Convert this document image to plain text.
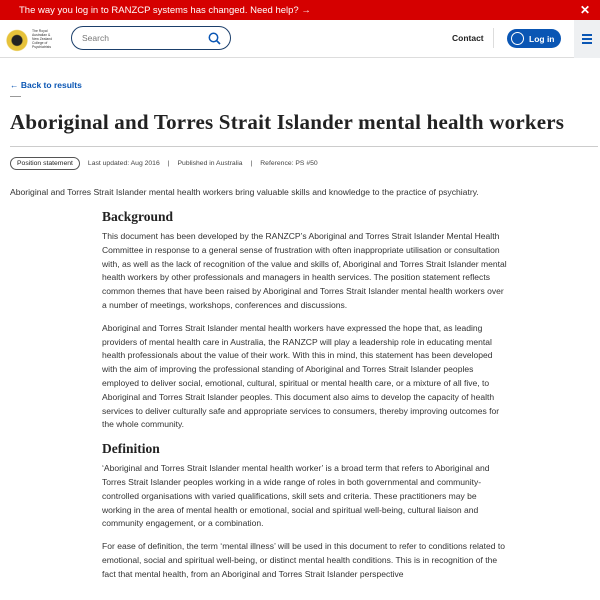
The way you log in to RANZCP systems has changed. Need help?
→	✕
The Royal Australian & New Zealand College of Psychiatrists
Search	Contact	Log in
← Back to results
Aboriginal and Torres Strait Islander mental health workers
Position statement	Last updated: Aug 2016 | Published in Australia | Reference: PS #50
Aboriginal and Torres Strait Islander mental health workers bring valuable skills and knowledge to the practice of psychiatry.
Background

This document has been developed by the RANZCP’s Aboriginal and Torres Strait Islander Mental Health Committee in response to a general sense of frustration with often inappropriate utilisation or consultation with, as well as the lack of recognition of the value and skills of, Aboriginal and Torres Strait Islander mental health workers by other professionals and managers in health services. The position statement reflects common themes that have been raised by Aboriginal and Torres Strait Islander mental health workers over a number of meetings, workshops, conferences and discussions.

Aboriginal and Torres Strait Islander mental health workers have expressed the hope that, as leading providers of mental health care in Australia, the RANZCP will play a leadership role in educating mental health professionals about the value of their work. With this in mind, this statement has been developed with the aim of improving the professional standing of Aboriginal and Torres Strait Islander peoples employed to deliver social, emotional, cultural, spiritual or mental health care, or a mixture of all five, to Aboriginal and Torres Strait Islander peoples. This document also aims to develop the capacity of health services to deliver culturally safe and appropriate services to consumers, thereby improving outcomes for the whole community.

Definition

‘Aboriginal and Torres Strait Islander mental health worker’ is a broad term that refers to Aboriginal and Torres Strait Islander peoples working in a wide range of roles in both governmental and community-controlled organisations with varied qualifications, skill sets and criteria. These practitioners may be working in the area of mental health or emotional, social and spiritual well-being, cultural liaison and community engagement, or a combination.

For ease of definition, the term ‘mental illness’ will be used in this document to refer to conditions related to emotional, social and spiritual well-being, or distinct mental health conditions. This is in recognition of the fact that mental health, from an Aboriginal and Torres Strait Islander perspective
